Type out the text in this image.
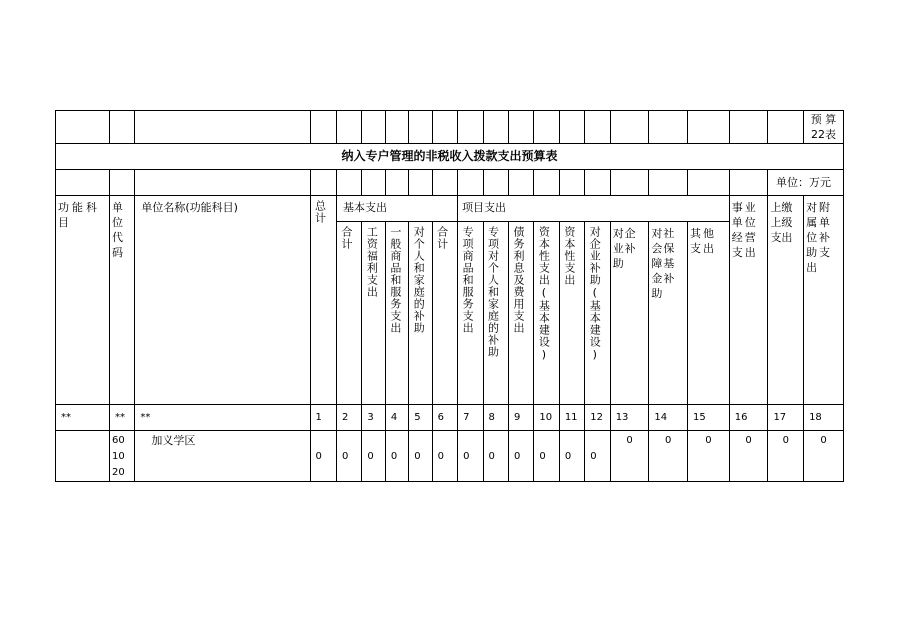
																				预 算
22表
纳入专户管理的非税收入拨款支出预算表																				
																			单位：万元	
功能科目	单位代码	单位名称(功能科目)	总计	基本支出					项目支出									事业单位经营支出	上缴上级支出	对附属单位补助支出

				合计	工资福利支出	一般商品和服务支出	对个人和家庭的补助	合计	专项商品和服务支出	专项对个人和家庭的补助	债务利息及费用支出	资本性支出(基本建设)	资本性支出	对企业补助(基本建设)	对企业补助	对社会保障基金补助	其他支出			

**	**	**	1	2	3	4	5	6	7	8	9	10	11	12	13	14	15	16	17	18
	60
10
20	加义学区	0	0	0	0	0	0	0	0	0	0	0	0	0	0	0	0	0	0
